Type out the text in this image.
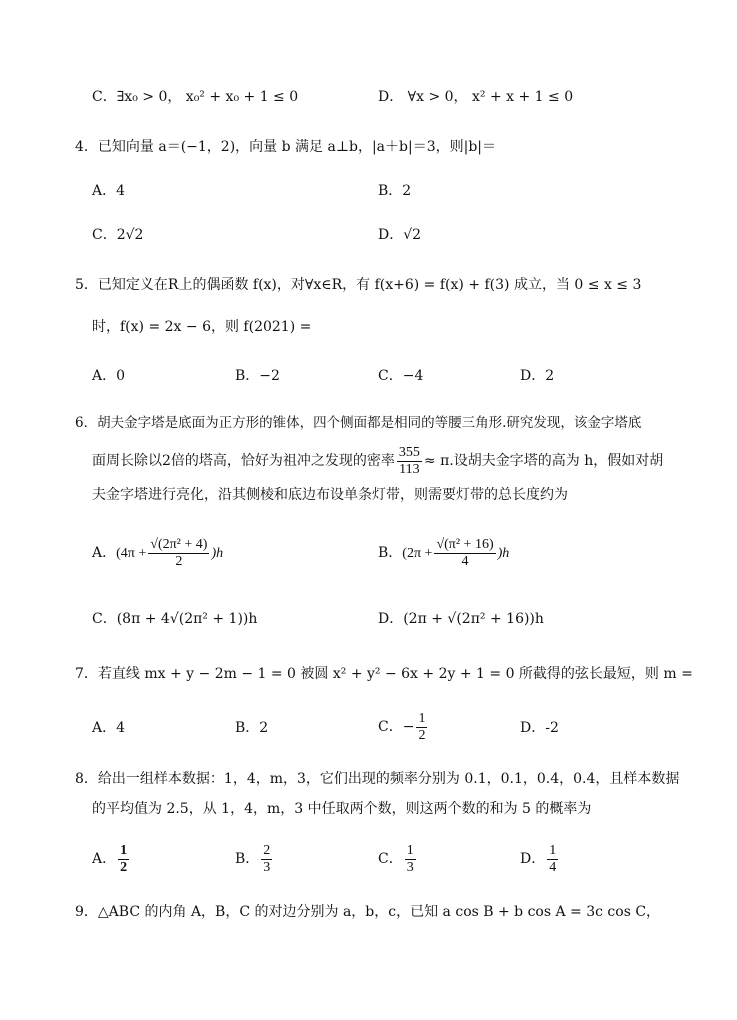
C．∃x₀ > 0， x₀² + x₀ + 1 ≤ 0	D． ∀x > 0， x² + x + 1 ≤ 0
4．已知向量 a＝(−1，2)，向量 b 满足 a⊥b，|a＋b|＝3，则|b|＝
A．4	B．2
C．2√2	D．√2
5．已知定义在R上的偶函数 f(x)，对∀x∈R，有 f(x+6) = f(x) + f(3) 成立，当 0 ≤ x ≤ 3
时，f(x) = 2x − 6，则 f(2021) =
A．0	B．−2	C．−4	D．2
6．胡夫金字塔是底面为正方形的锥体，四个侧面都是相同的等腰三角形.研究发现，该金字塔底
面周长除以2倍的塔高，恰好为祖冲之发现的密率 $\frac{355}{113} \approx \pi$.设胡夫金字塔的高为 h，假如对胡
夫金字塔进行亮化，沿其侧棱和底边布设单条灯带，则需要灯带的总长度约为
A．$(4\pi + \frac{\text{√(2π² + 4)}}{2} )h$	B．$(2\pi + \frac{\text{√(π² + 16)}}{4} )h$
C．(8π + 4√(2π² + 1))h	D．(2π + √(2π² + 16))h
7．若直线 mx + y − 2m − 1 = 0 被圆 x² + y² − 6x + 2y + 1 = 0 所截得的弦长最短，则 m =
A．4	B．2	C．− $\frac{1}{2}$	D．-2
8．给出一组样本数据：1，4，m，3，它们出现的频率分别为 0.1，0.1，0.4，0.4，且样本数据
的平均值为 2.5，从 1，4，m，3 中任取两个数，则这两个数的和为 5 的概率为
A． $\frac{1}{2}$	B． $\frac{2}{3}$	C． $\frac{1}{3}$	D． $\frac{1}{4}$
9．△ABC 的内角 A，B，C 的对边分别为 a，b，c，已知 a cos B + b cos A = 3c cos C，
